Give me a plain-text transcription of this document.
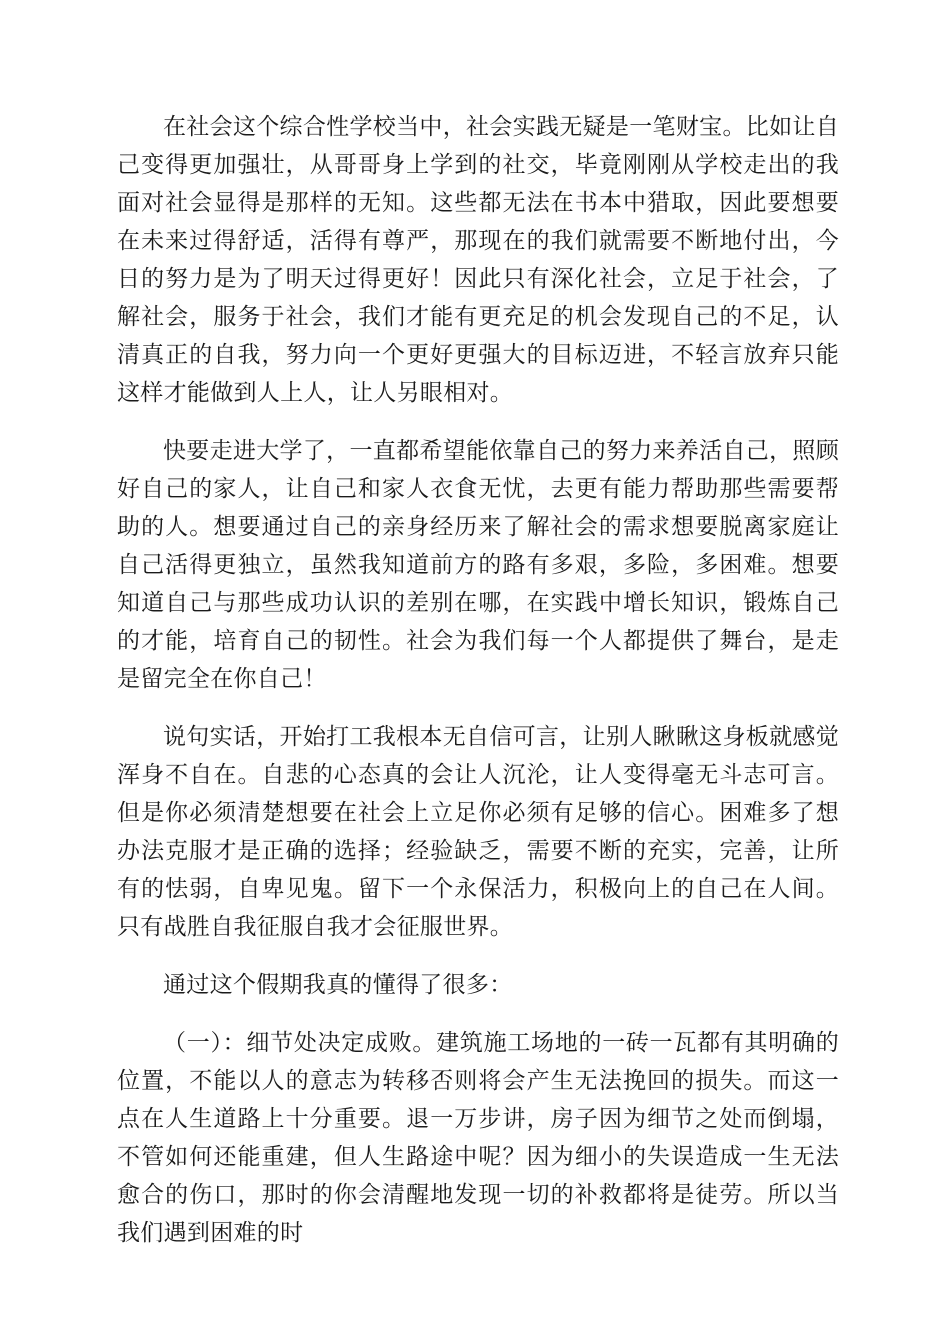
在社会这个综合性学校当中，社会实践无疑是一笔财宝。比如让自己变得更加强壮，从哥哥身上学到的社交，毕竟刚刚从学校走出的我面对社会显得是那样的无知。这些都无法在书本中猎取，因此要想要在未来过得舒适，活得有尊严，那现在的我们就需要不断地付出，今日的努力是为了明天过得更好！因此只有深化社会，立足于社会，了解社会，服务于社会，我们才能有更充足的机会发现自己的不足，认清真正的自我，努力向一个更好更强大的目标迈进，不轻言放弃只能这样才能做到人上人，让人另眼相对。

快要走进大学了，一直都希望能依靠自己的努力来养活自己，照顾好自己的家人，让自己和家人衣食无忧，去更有能力帮助那些需要帮助的人。想要通过自己的亲身经历来了解社会的需求想要脱离家庭让自己活得更独立，虽然我知道前方的路有多艰，多险，多困难。想要知道自己与那些成功认识的差别在哪，在实践中增长知识，锻炼自己的才能，培育自己的韧性。社会为我们每一个人都提供了舞台，是走是留完全在你自己！

说句实话，开始打工我根本无自信可言，让别人瞅瞅这身板就感觉浑身不自在。自悲的心态真的会让人沉沦，让人变得毫无斗志可言。但是你必须清楚想要在社会上立足你必须有足够的信心。困难多了想办法克服才是正确的选择；经验缺乏，需要不断的充实，完善，让所有的怯弱，自卑见鬼。留下一个永保活力，积极向上的自己在人间。只有战胜自我征服自我才会征服世界。

通过这个假期我真的懂得了很多：

（一）：细节处决定成败。建筑施工场地的一砖一瓦都有其明确的位置，不能以人的意志为转移否则将会产生无法挽回的损失。而这一点在人生道路上十分重要。退一万步讲，房子因为细节之处而倒塌，不管如何还能重建，但人生路途中呢？因为细小的失误造成一生无法愈合的伤口，那时的你会清醒地发现一切的补救都将是徒劳。所以当我们遇到困难的时
